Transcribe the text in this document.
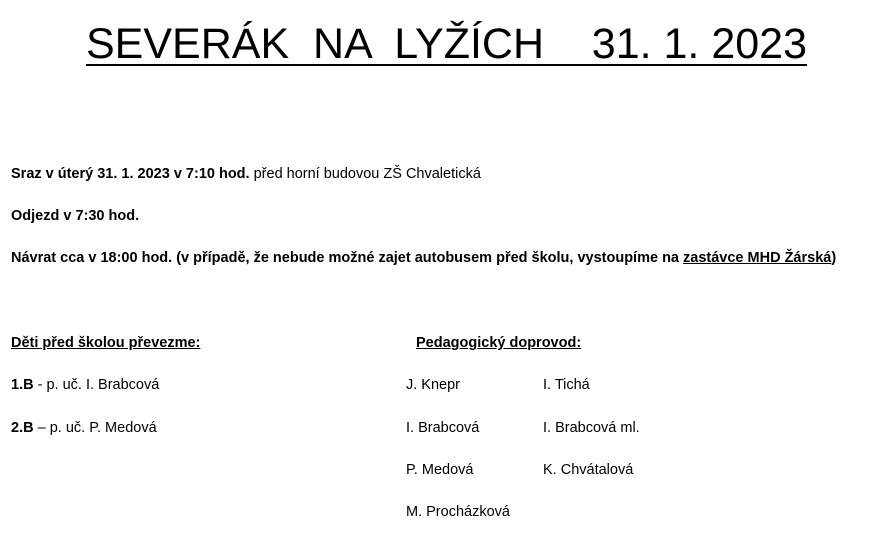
SEVERÁK  NA  LYŽÍCH    31. 1. 2023
Sraz v úterý 31. 1. 2023 v 7:10 hod. před horní budovou ZŠ Chvaletická
Odjezd v 7:30 hod.
Návrat cca v 18:00 hod. (v případě, že nebude možné zajet autobusem před školu, vystoupíme na zastávce MHD Žárská)
Děti před školou převezme:
1.B - p. uč. I. Brabcová
2.B – p. uč. P. Medová
Pedagogický doprovod:
J. Knepr
I. Brabcová
P. Medová
M. Procházková
I. Tichá
I. Brabcová ml.
K. Chvátalová
